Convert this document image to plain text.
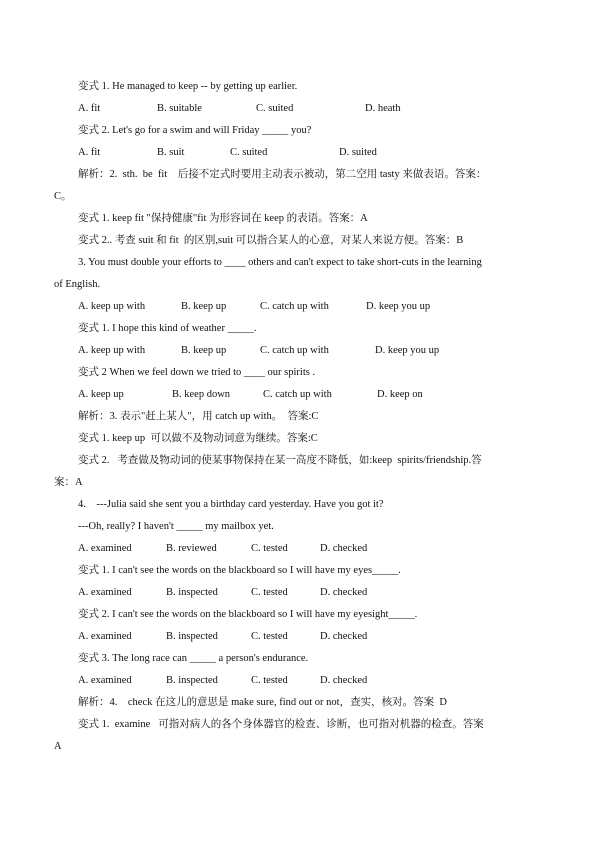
变式 1. He managed to keep -- by getting up earlier.

A. fit

	B. suitable

	C. suited

	D. heath

变式 2. Let's go for a swim and will Friday _____ you?

A. fit

	B. suit

	C. suited

	D. suited

解析：2.  sth.  be  fit    后接不定式时要用主动表示被动，第二空用 tasty 来做表语。答案：
C。
变式 1. keep fit "保持健康"fit 为形容词在 keep 的表语。答案：A
变式 2.. 考查 suit 和 fit  的区别,suit 可以指合某人的心意，对某人来说方便。答案：B
3. You must double your efforts to ____ others and can't expect to take short-cuts in the learning
of English.

A. keep up with

	B. keep up

	C. catch up with

	D. keep you up

变式 1. I hope this kind of weather _____.

A. keep up with

	B. keep up

	C. catch up with

	D. keep you up

变式 2 When we feel down we tried to ____ our spirits .

A. keep up

	B. keep down

	C. catch up with

	D. keep on

解析：3. 表示"赶上某人"，用 catch up with。  答案:C
变式 1. keep up  可以做不及物动词意为继续。答案:C
变式 2.   考查做及物动词的使某事物保持在某一高度不降低，如:keep  spirits/friendship.答
案：A
4.    ---Julia said she sent you a birthday card yesterday. Have you got it?
---Oh, really? I haven't _____ my mailbox yet.

A. examined

	B. reviewed

	C. tested

	D. checked

变式 1. I can't see the words on the blackboard so I will have my eyes_____.

A. examined

	B. inspected

	C. tested

	D. checked

变式 2. I can't see the words on the blackboard so I will have my eyesight_____.

A. examined

	B. inspected

	C. tested

	D. checked

变式 3. The long race can _____ a person's endurance.

A. examined

	B. inspected

	C. tested

	D. checked

解析：4.    check 在这儿的意思是 make sure, find out or not，查实，核对。答案  D
变式 1.  examine   可指对病人的各个身体器官的检查、诊断，也可指对机器的检查。答案
A
